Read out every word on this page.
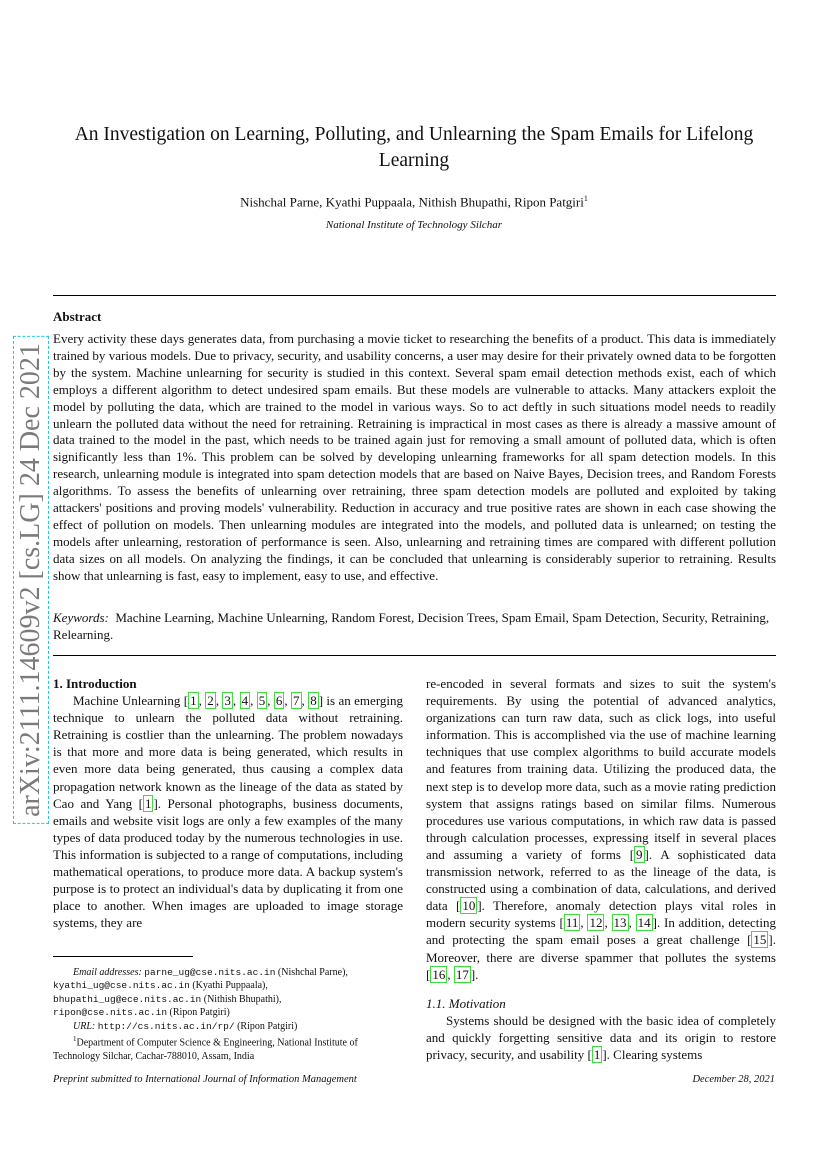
arXiv:2111.14609v2 [cs.LG] 24 Dec 2021
An Investigation on Learning, Polluting, and Unlearning the Spam Emails for Lifelong Learning
Nishchal Parne, Kyathi Puppaala, Nithish Bhupathi, Ripon Patgiri$^1$
National Institute of Technology Silchar
Abstract
Every activity these days generates data, from purchasing a movie ticket to researching the benefits of a product. This data is immediately trained by various models. Due to privacy, security, and usability concerns, a user may desire for their privately owned data to be forgotten by the system. Machine unlearning for security is studied in this context. Several spam email detection methods exist, each of which employs a different algorithm to detect undesired spam emails. But these models are vulnerable to attacks. Many attackers exploit the model by polluting the data, which are trained to the model in various ways. So to act deftly in such situations model needs to readily unlearn the polluted data without the need for retraining. Retraining is impractical in most cases as there is already a massive amount of data trained to the model in the past, which needs to be trained again just for removing a small amount of polluted data, which is often significantly less than 1%. This problem can be solved by developing unlearning frameworks for all spam detection models. In this research, unlearning module is integrated into spam detection models that are based on Naive Bayes, Decision trees, and Random Forests algorithms. To assess the benefits of unlearning over retraining, three spam detection models are polluted and exploited by taking attackers' positions and proving models' vulnerability. Reduction in accuracy and true positive rates are shown in each case showing the effect of pollution on models. Then unlearning modules are integrated into the models, and polluted data is unlearned; on testing the models after unlearning, restoration of performance is seen. Also, unlearning and retraining times are compared with different pollution data sizes on all models. On analyzing the findings, it can be concluded that unlearning is considerably superior to retraining. Results show that unlearning is fast, easy to implement, easy to use, and effective.
Keywords: Machine Learning, Machine Unlearning, Random Forest, Decision Trees, Spam Email, Spam Detection, Security, Retraining, Relearning.

1. Introduction

Machine Unlearning [ 1 , 2 , 3 , 4 , 5 , 6 , 7 , 8 ] is an emerging technique to unlearn the polluted data without retraining. Retraining is costlier than the unlearning. The problem nowadays is that more and more data is being generated, which results in even more data being generated, thus causing a complex data propagation network known as the lineage of the data as stated by Cao and Yang [ 1 ]. Personal photographs, business documents, emails and website visit logs are only a few examples of the many types of data produced today by the numerous technologies in use. This information is subjected to a range of computations, including mathematical operations, to produce more data. A backup system's purpose is to protect an individual's data by duplicating it from one place to another. When images are uploaded to image storage systems, they are

Email addresses: parne_ug@cse.nits.ac.in (Nishchal Parne),
kyathi_ug@cse.nits.ac.in (Kyathi Puppaala),
bhupathi_ug@ece.nits.ac.in (Nithish Bhupathi),
ripon@cse.nits.ac.in (Ripon Patgiri)
URL: http://cs.nits.ac.in/rp/ (Ripon Patgiri)
$^1$Department of Computer Science & Engineering, National Institute of Technology Silchar, Cachar-788010, Assam, India

re-encoded in several formats and sizes to suit the system's requirements. By using the potential of advanced analytics, organizations can turn raw data, such as click logs, into useful information. This is accomplished via the use of machine learning techniques that use complex algorithms to build accurate models and features from training data. Utilizing the produced data, the next step is to develop more data, such as a movie rating prediction system that assigns ratings based on similar films. Numerous procedures use various computations, in which raw data is passed through calculation processes, expressing itself in several places and assuming a variety of forms [ 9 ]. A sophisticated data transmission network, referred to as the lineage of the data, is constructed using a combination of data, calculations, and derived data [ 10 ]. Therefore, anomaly detection plays vital roles in modern security systems [ 11 , 12 , 13 , 14 ]. In addition, detecting and protecting the spam email poses a great challenge [ 15 ]. Moreover, there are diverse spammer that pollutes the systems [ 16 , 17 ].

1.1. Motivation

Systems should be designed with the basic idea of completely and quickly forgetting sensitive data and its origin to restore privacy, security, and usability [ 1 ]. Clearing systems

Preprint submitted to International Journal of Information Management	December 28, 2021
